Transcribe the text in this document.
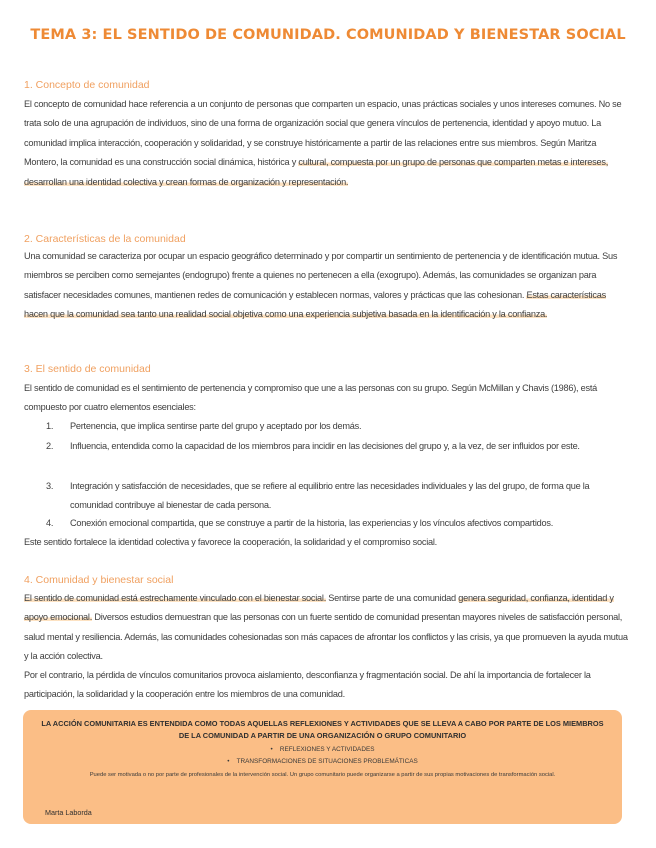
TEMA 3: EL SENTIDO DE COMUNIDAD. COMUNIDAD Y BIENESTAR SOCIAL
1. Concepto de comunidad

El concepto de comunidad hace referencia a un conjunto de personas que comparten un espacio, unas prácticas sociales y unos intereses comunes. No se trata solo de una agrupación de individuos, sino de una forma de organización social que genera vínculos de pertenencia, identidad y apoyo mutuo. La comunidad implica interacción, cooperación y solidaridad, y se construye históricamente a partir de las relaciones entre sus miembros. Según Maritza Montero, la comunidad es una construcción social dinámica, histórica y cultural, compuesta por un grupo de personas que comparten metas e intereses, desarrollan una identidad colectiva y crean formas de organización y representación.

2. Características de la comunidad

Una comunidad se caracteriza por ocupar un espacio geográfico determinado y por compartir un sentimiento de pertenencia y de identificación mutua. Sus miembros se perciben como semejantes (endogrupo) frente a quienes no pertenecen a ella (exogrupo). Además, las comunidades se organizan para satisfacer necesidades comunes, mantienen redes de comunicación y establecen normas, valores y prácticas que las cohesionan. Estas características hacen que la comunidad sea tanto una realidad social objetiva como una experiencia subjetiva basada en la identificación y la confianza.

3. El sentido de comunidad

El sentido de comunidad es el sentimiento de pertenencia y compromiso que une a las personas con su grupo. Según McMillan y Chavis (1986), está compuesto por cuatro elementos esenciales:

1. Pertenencia, que implica sentirse parte del grupo y aceptado por los demás.
2. Influencia, entendida como la capacidad de los miembros para incidir en las decisiones del grupo y, a la vez, de ser influidos por este.
3. Integración y satisfacción de necesidades, que se refiere al equilibrio entre las necesidades individuales y las del grupo, de forma que la comunidad contribuye al bienestar de cada persona.
4. Conexión emocional compartida, que se construye a partir de la historia, las experiencias y los vínculos afectivos compartidos.

Este sentido fortalece la identidad colectiva y favorece la cooperación, la solidaridad y el compromiso social.

4. Comunidad y bienestar social

El sentido de comunidad está estrechamente vinculado con el bienestar social. Sentirse parte de una comunidad genera seguridad, confianza, identidad y apoyo emocional. Diversos estudios demuestran que las personas con un fuerte sentido de comunidad presentan mayores niveles de satisfacción personal, salud mental y resiliencia. Además, las comunidades cohesionadas son más capaces de afrontar los conflictos y las crisis, ya que promueven la ayuda mutua y la acción colectiva.

Por el contrario, la pérdida de vínculos comunitarios provoca aislamiento, desconfianza y fragmentación social. De ahí la importancia de fortalecer la participación, la solidaridad y la cooperación entre los miembros de una comunidad.

LA ACCIÓN COMUNITARIA ES ENTENDIDA COMO TODAS AQUELLAS REFLEXIONES Y ACTIVIDADES QUE SE LLEVA A CABO POR PARTE DE LOS MIEMBROS DE LA COMUNIDAD A PARTIR DE UNA ORGANIZACIÓN O GRUPO COMUNITARIO
• REFLEXIONES Y ACTIVIDADES
• TRANSFORMACIONES DE SITUACIONES PROBLEMÁTICAS
Puede ser motivada o no por parte de profesionales de la intervención social. Un grupo comunitario puede organizarse a partir de sus propias motivaciones de transformación social.
Marta Laborda
